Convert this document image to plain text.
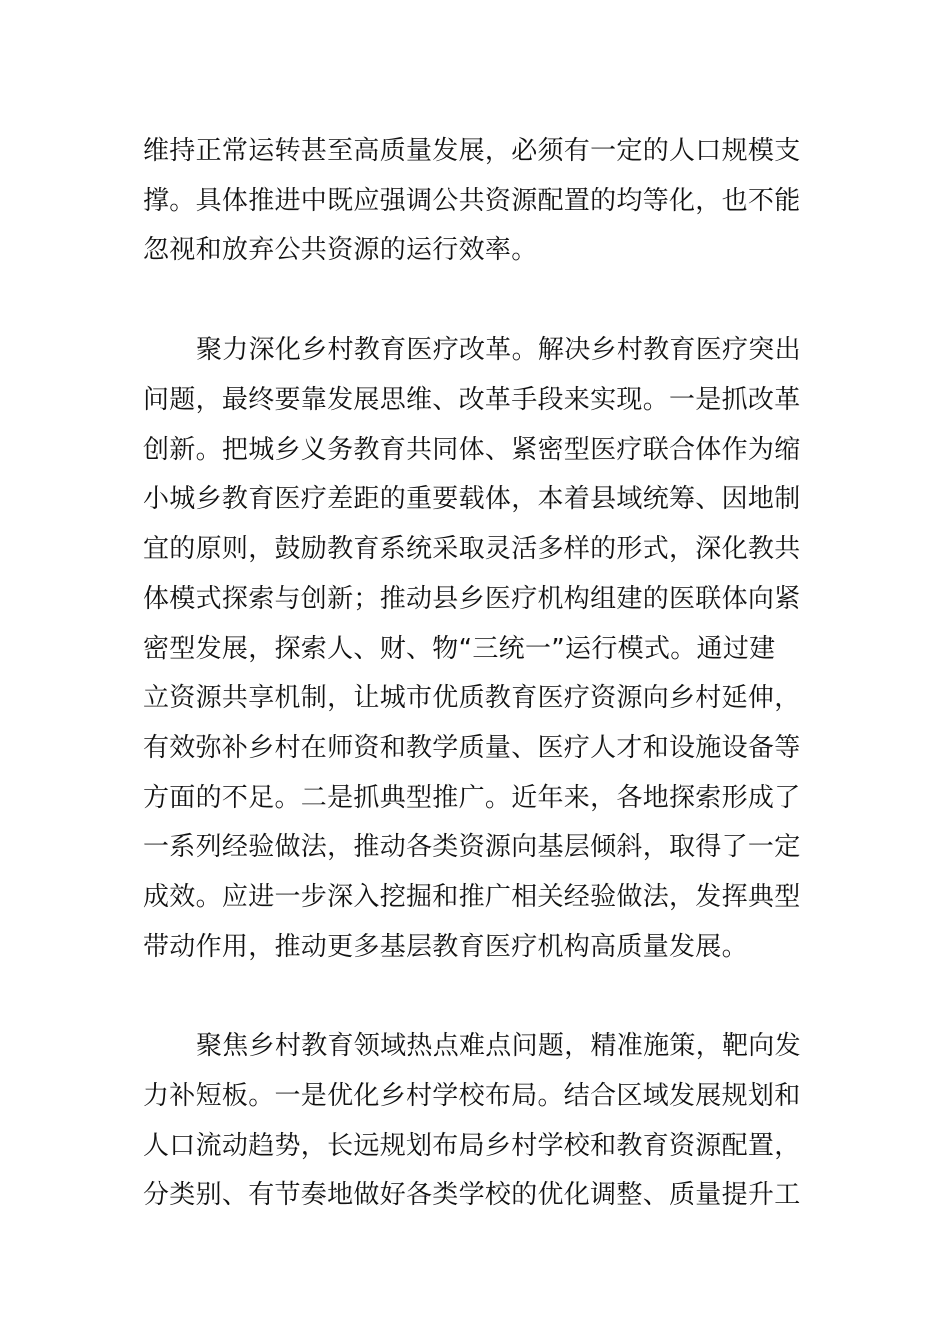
维持正常运转甚至高质量发展，必须有一定的人口规模支
撑。具体推进中既应强调公共资源配置的均等化，也不能
忽视和放弃公共资源的运行效率。
聚力深化乡村教育医疗改革。解决乡村教育医疗突出
问题，最终要靠发展思维、改革手段来实现。一是抓改革
创新。把城乡义务教育共同体、紧密型医疗联合体作为缩
小城乡教育医疗差距的重要载体，本着县域统筹、因地制
宜的原则，鼓励教育系统采取灵活多样的形式，深化教共
体模式探索与创新；推动县乡医疗机构组建的医联体向紧
密型发展，探索人、财、物“三统一”运行模式。通过建
立资源共享机制，让城市优质教育医疗资源向乡村延伸，
有效弥补乡村在师资和教学质量、医疗人才和设施设备等
方面的不足。二是抓典型推广。近年来，各地探索形成了
一系列经验做法，推动各类资源向基层倾斜，取得了一定
成效。应进一步深入挖掘和推广相关经验做法，发挥典型
带动作用，推动更多基层教育医疗机构高质量发展。
聚焦乡村教育领域热点难点问题，精准施策，靶向发
力补短板。一是优化乡村学校布局。结合区域发展规划和
人口流动趋势，长远规划布局乡村学校和教育资源配置，
分类别、有节奏地做好各类学校的优化调整、质量提升工
